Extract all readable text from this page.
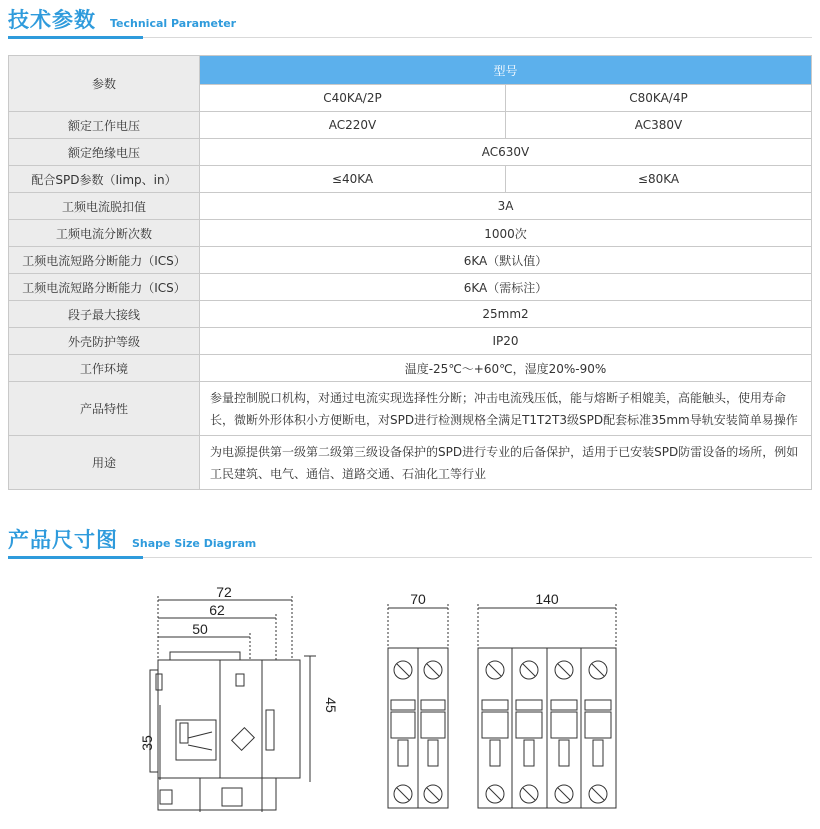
技术参数 Technical Parameter
参数	型号	
	C40KA/2P	C80KA/4P
额定工作电压	AC220V	AC380V
额定绝缘电压	AC630V	
配合SPD参数（Iimp、in）	≤40KA	≤80KA
工频电流脱扣值	3A	
工频电流分断次数	1000次	
工频电流短路分断能力（ICS）	6KA（默认值）	
工频电流短路分断能力（ICS）	6KA（需标注）	
段子最大接线	25mm2	
外壳防护等级	IP20	
工作环境	温度-25℃～+60℃，湿度20%-90%	
产品特性	参量控制脱口机构，对通过电流实现选择性分断；冲击电流残压低，能与熔断子相媲美，高能触头，使用寿命长，微断外形体积小方便断电，对SPD进行检测规格全满足T1T2T3级SPD配套标准35mm导轨安装简单易操作	
用途	为电源提供第一级第二级第三级设备保护的SPD进行专业的后备保护，适用于已安装SPD防雷设备的场所，例如工民建筑、电气、通信、道路交通、石油化工等行业	
产品尺寸图 Shape Size Diagram
72
62
50
35
45
70	140
